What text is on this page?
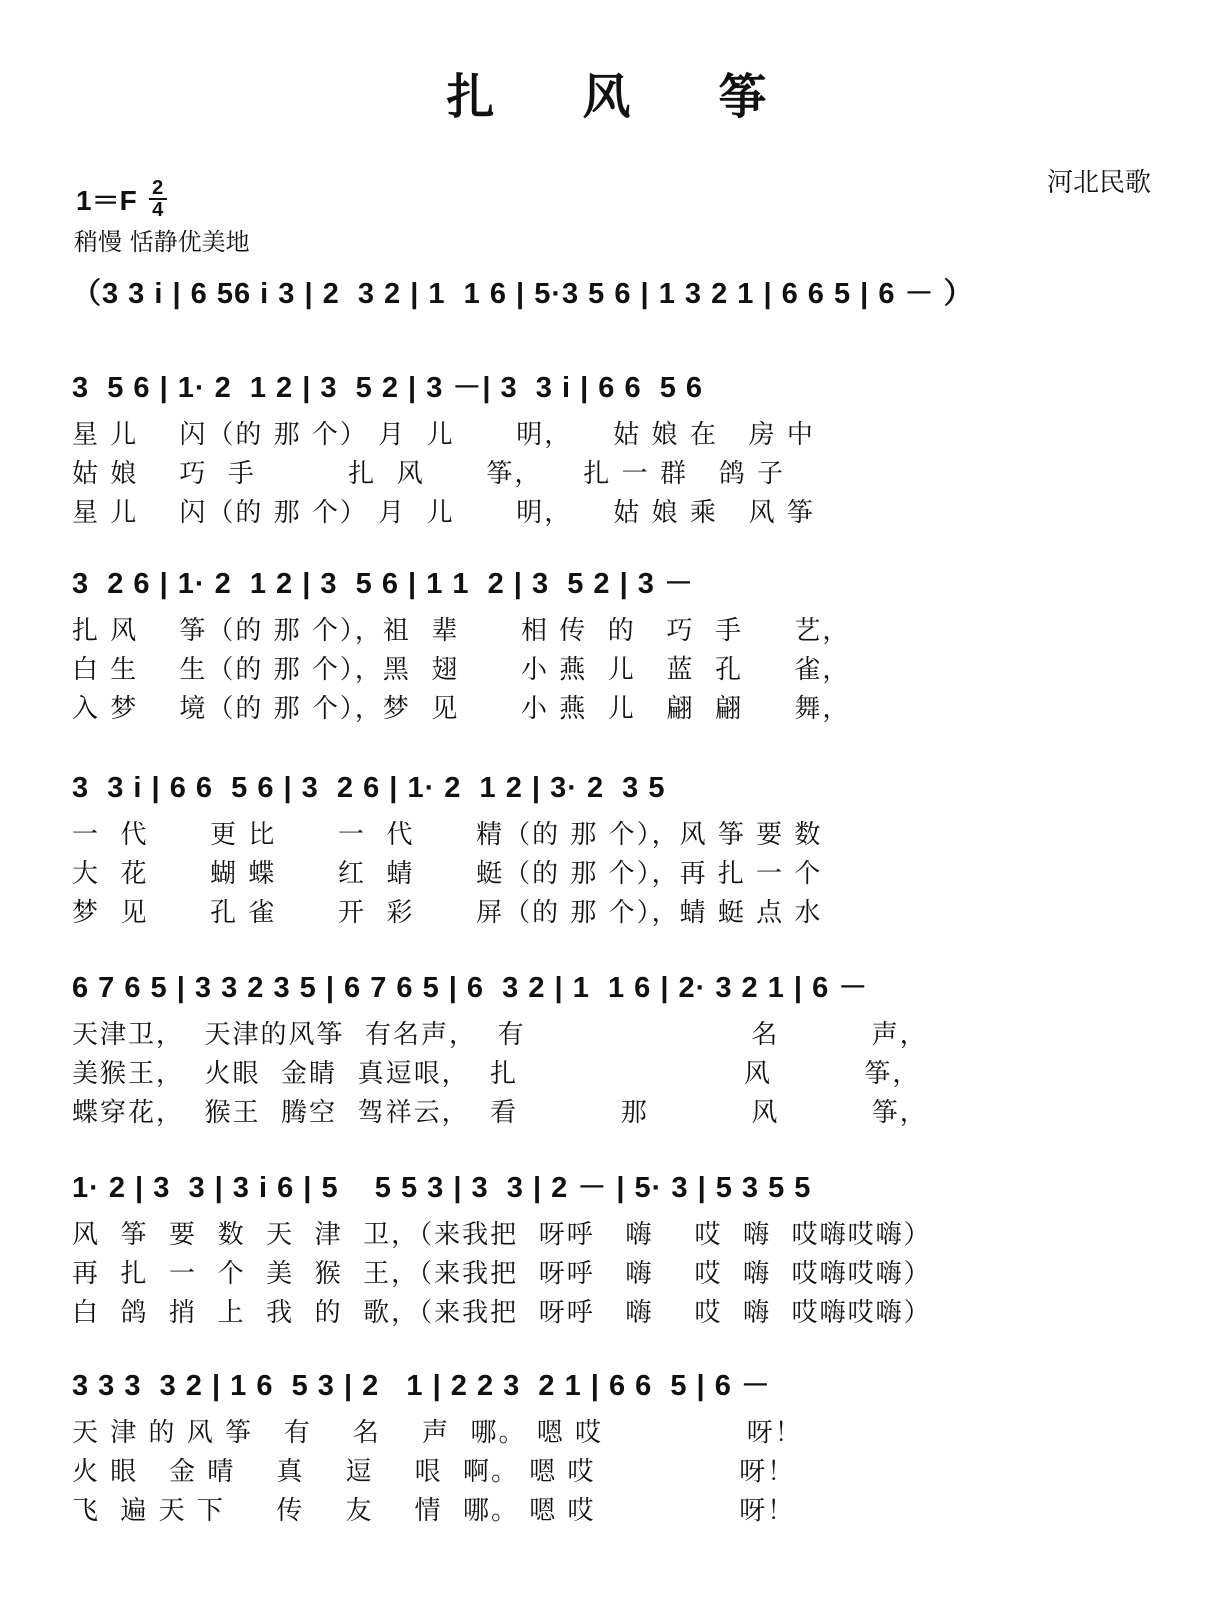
扎风筝
河北民歌
1＝F 2
4
稍慢 恬静优美地
（3 3 i | 6 56 i 3 | 2  3 2 | 1  1 6 | 5·3 5 6 | 1 3 2 1 | 6 6 5 | 6 － ）
3  5 6 | 1· 2  1 2 | 3  5 2 | 3 －| 3  3 i | 6 6  5 6
星 儿    闪（的 那 个） 月  儿      明，    姑 娘 在   房 中
姑 娘    巧  手         扎  风      筝，    扎 一 群   鸽 子
星 儿    闪（的 那 个） 月  儿      明，    姑 娘 乘   风 筝
3  2 6 | 1· 2  1 2 | 3  5 6 | 1 1  2 | 3  5 2 | 3 －
扎 风    筝（的 那 个），祖  辈      相 传  的   巧  手     艺，
白 生    生（的 那 个），黑  翅      小 燕  儿   蓝  孔     雀，
入 梦    境（的 那 个），梦  见      小 燕  儿   翩  翩     舞，
3  3 i | 6 6  5 6 | 3  2 6 | 1· 2  1 2 | 3· 2  3 5
一  代      更 比      一  代      精（的 那 个），风 筝 要 数
大  花      蝴 蝶      红  蜻      蜓（的 那 个），再 扎 一 个
梦  见      孔 雀      开  彩      屏（的 那 个），蜻 蜓 点 水
6 7 6 5 | 3 3 2 3 5 | 6 7 6 5 | 6  3 2 | 1  1 6 | 2· 3 2 1 | 6 －
天津卫，  天津的风筝  有名声，  有                      名         声，
美猴王，  火眼  金睛  真逗哏，  扎                      风         筝，
蝶穿花，  猴王  腾空  驾祥云，  看          那          风         筝，
1· 2 | 3  3 | 3 i 6 | 5    5 5 3 | 3  3 | 2 － | 5· 3 | 5 3 5 5
风  筝  要  数  天  津  卫，（来我把  呀呼   嗨    哎  嗨  哎嗨哎嗨）
再  扎  一  个  美  猴  王，（来我把  呀呼   嗨    哎  嗨  哎嗨哎嗨）
白  鸽  捎  上  我  的  歌，（来我把  呀呼   嗨    哎  嗨  哎嗨哎嗨）
3 3 3  3 2 | 1 6  5 3 | 2   1 | 2 2 3  2 1 | 6 6  5 | 6 －
天 津 的 风 筝   有    名    声  哪。 嗯 哎              呀！
火 眼   金 晴    真    逗    哏  啊。 嗯 哎              呀！
飞  遍 天 下     传    友    情  哪。 嗯 哎              呀！
